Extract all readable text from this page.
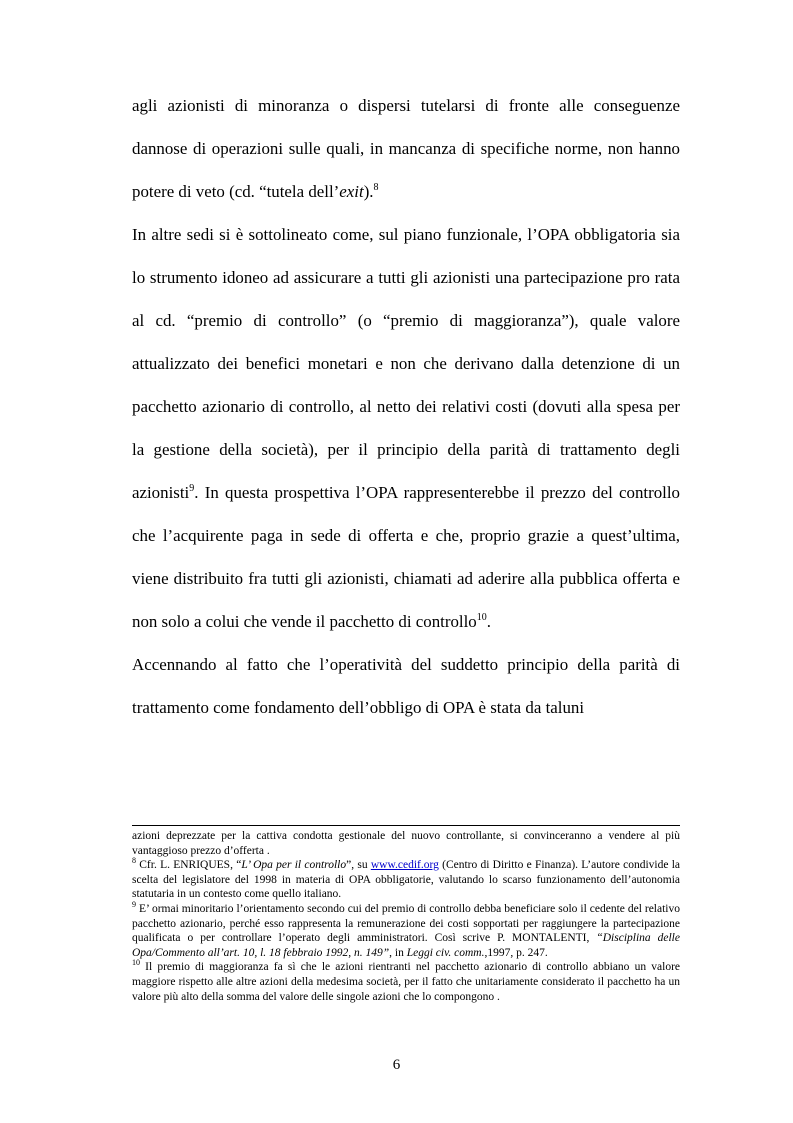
agli azionisti di minoranza o dispersi tutelarsi di fronte alle conseguenze dannose di operazioni sulle quali, in mancanza di specifiche norme, non hanno potere di veto (cd. “tutela dell’exit).$^8$

In altre sedi si è sottolineato come, sul piano funzionale, l’OPA obbligatoria sia lo strumento idoneo ad assicurare a tutti gli azionisti una partecipazione pro rata al cd. “premio di controllo” (o “premio di maggioranza”), quale valore attualizzato dei benefici monetari e non che derivano dalla detenzione di un pacchetto azionario di controllo, al netto dei relativi costi (dovuti alla spesa per la gestione della società), per il principio della parità di trattamento degli azionisti$^9$. In questa prospettiva l’OPA rappresenterebbe il prezzo del controllo che l’acquirente paga in sede di offerta e che, proprio grazie a quest’ultima, viene distribuito fra tutti gli azionisti, chiamati ad aderire alla pubblica offerta e non solo a colui che vende il pacchetto di controllo$^{10}$.

Accennando al fatto che l’operatività del suddetto principio della parità di trattamento come fondamento dell’obbligo di OPA è stata da taluni

azioni deprezzate per la cattiva condotta gestionale del nuovo controllante, si convinceranno a vendere al più vantaggioso prezzo d’offerta .

$^8$ Cfr. L. ENRIQUES, “L’ Opa per il controllo”, su www.cedif.org (Centro di Diritto e Finanza). L’autore condivide la scelta del legislatore del 1998 in materia di OPA obbligatorie, valutando lo scarso funzionamento dell’autonomia statutaria in un contesto come quello italiano.

$^9$ E’ ormai minoritario l’orientamento secondo cui del premio di controllo debba beneficiare solo il cedente del relativo pacchetto azionario, perché esso rappresenta la remunerazione dei costi sopportati per raggiungere la partecipazione qualificata o per controllare l’operato degli amministratori. Così scrive P. MONTALENTI, “Disciplina delle Opa/Commento all’art. 10, l. 18 febbraio 1992, n. 149”, in Leggi civ. comm.,1997, p. 247.

$^{10}$ Il premio di maggioranza fa sì che le azioni rientranti nel pacchetto azionario di controllo abbiano un valore maggiore rispetto alle altre azioni della medesima società, per il fatto che unitariamente considerato il pacchetto ha un valore più alto della somma del valore delle singole azioni che lo compongono .

6
